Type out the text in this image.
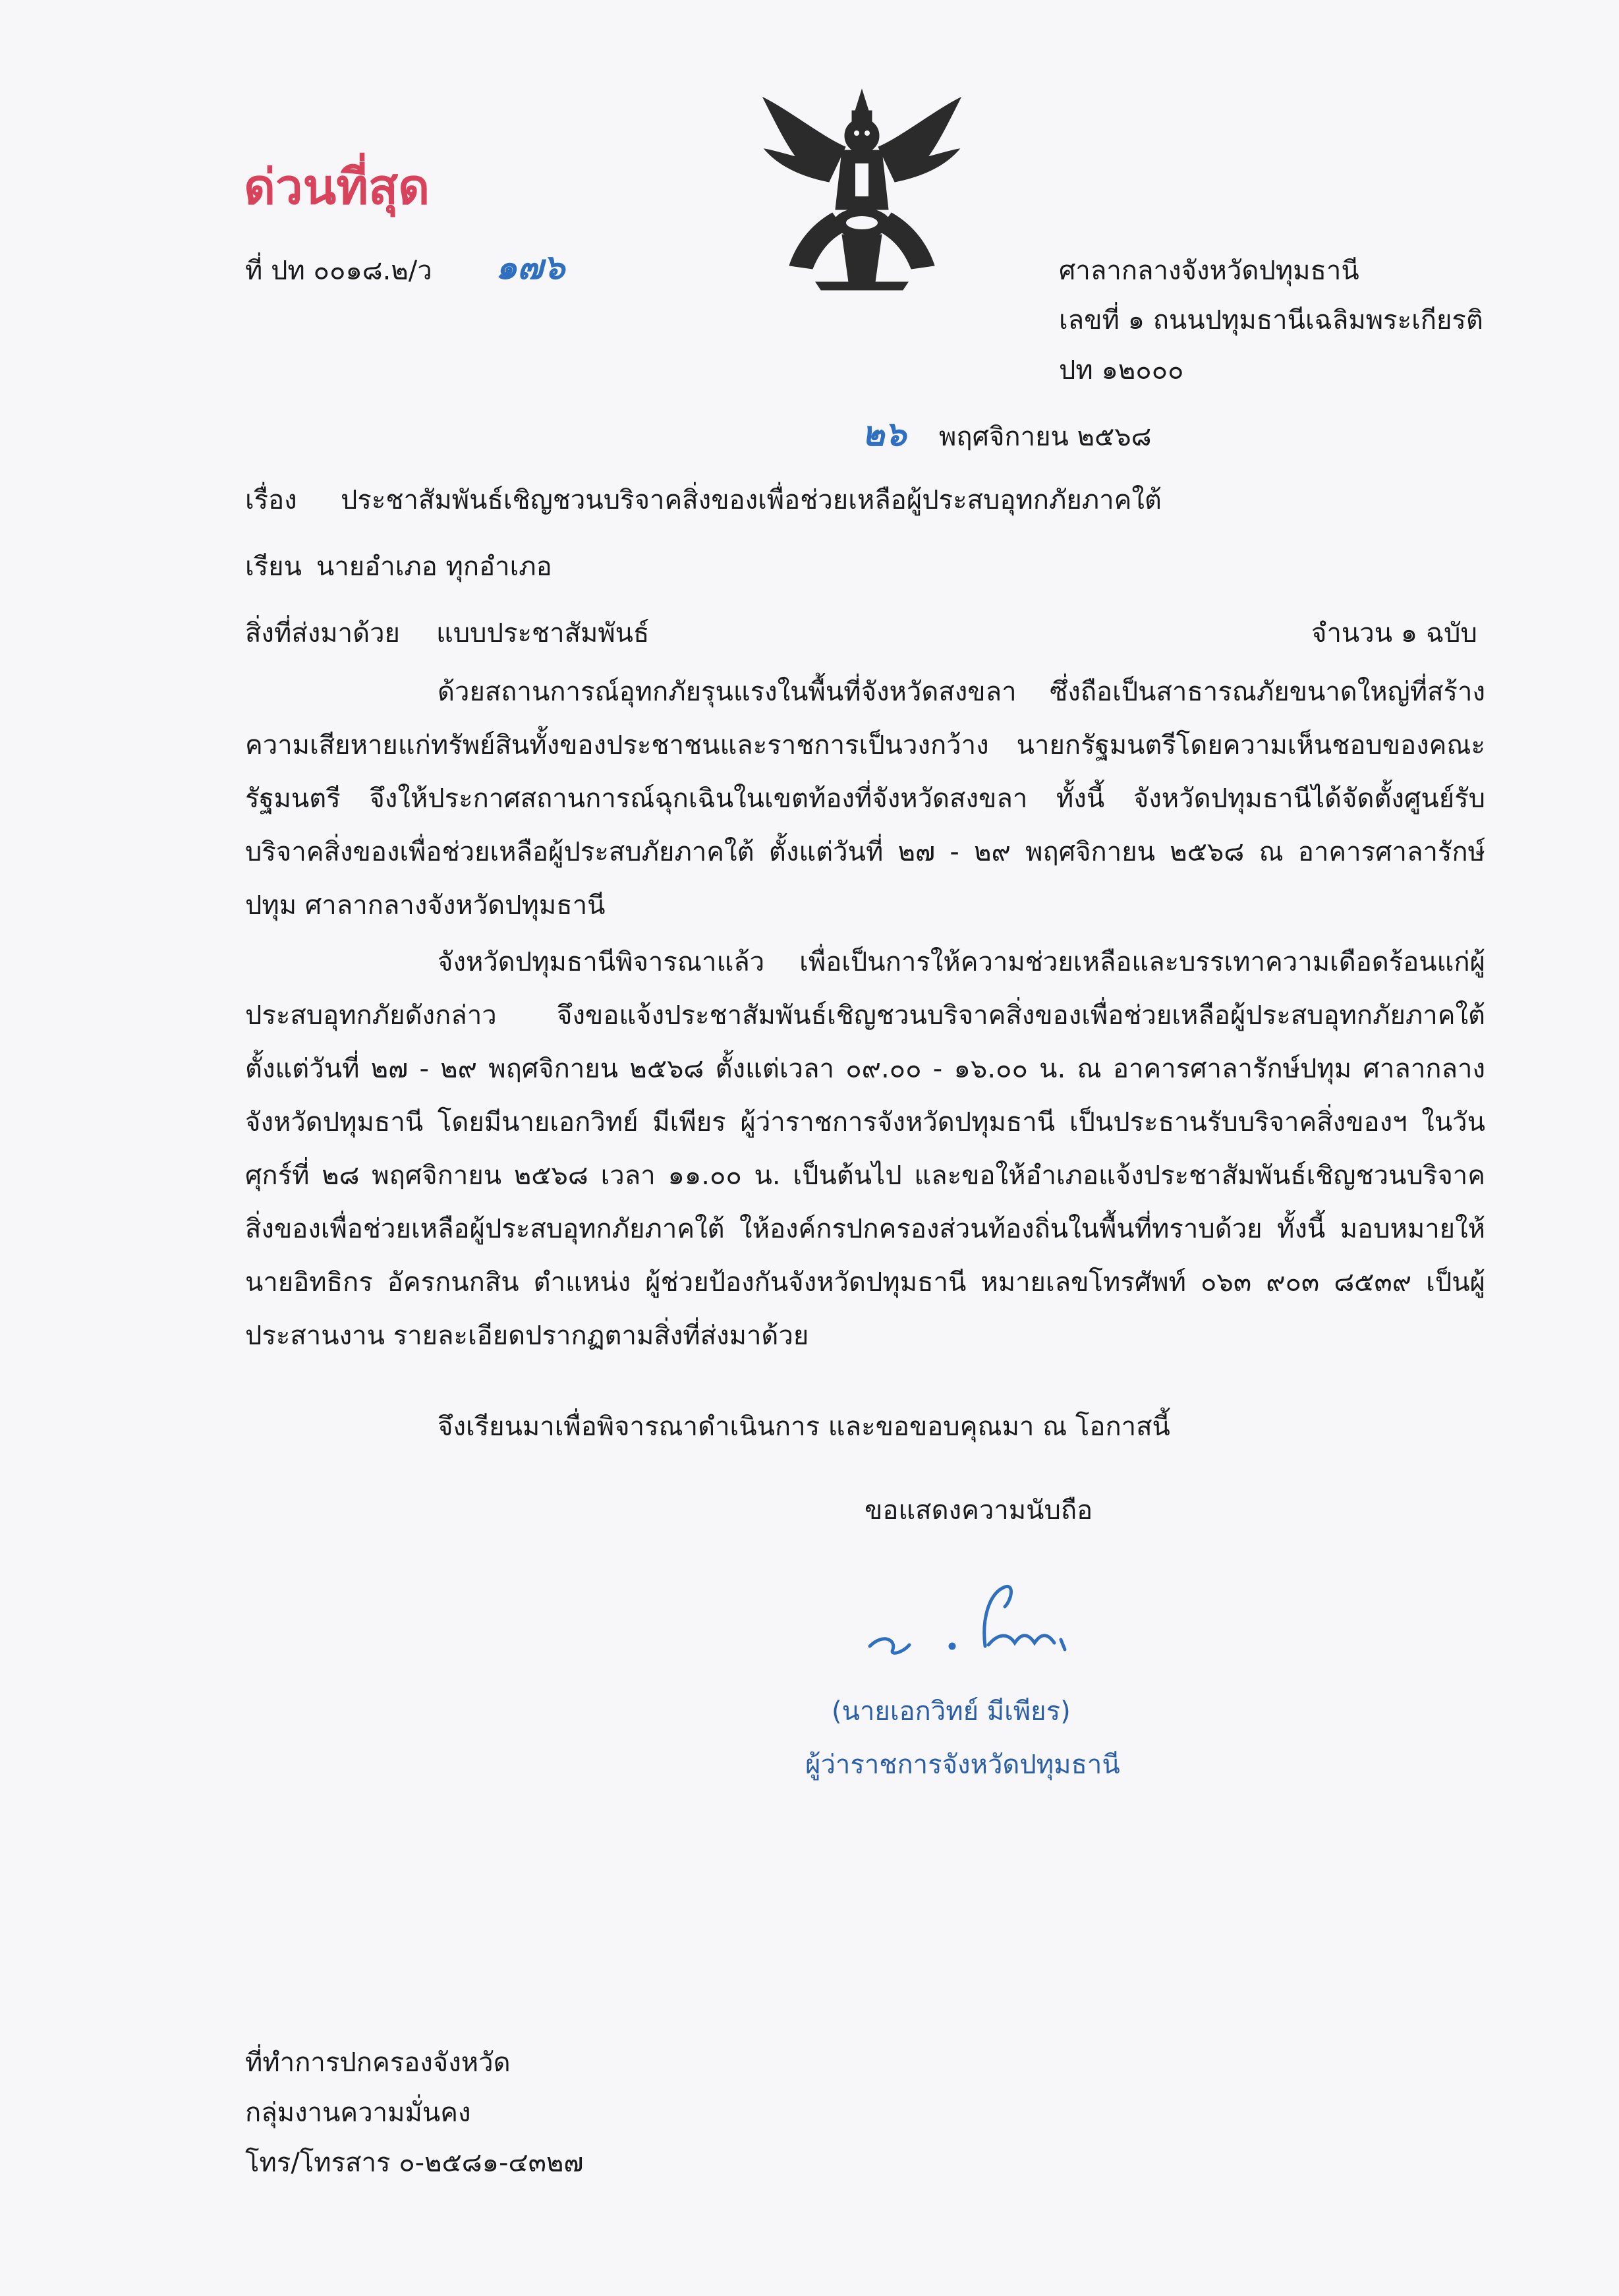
ด่วนที่สุด
ที่ ปท ๐๐๑๘.๒/ว ๑๗๖	ศาลากลางจังหวัดปทุมธานี
เลขที่ ๑ ถนนปทุมธานีเฉลิมพระเกียรติ
ปท ๑๒๐๐๐
๒๖ พฤศจิกายน ๒๕๖๘
เรื่อง ประชาสัมพันธ์เชิญชวนบริจาคสิ่งของเพื่อช่วยเหลือผู้ประสบอุทกภัยภาคใต้
เรียน นายอำเภอ ทุกอำเภอ
สิ่งที่ส่งมาด้วย แบบประชาสัมพันธ์	จำนวน ๑ ฉบับ
ด้วยสถานการณ์อุทกภัยรุนแรงในพื้นที่จังหวัดสงขลา ซึ่งถือเป็นสาธารณภัยขนาดใหญ่ที่สร้างความเสียหายแก่ทรัพย์สินทั้งของประชาชนและราชการเป็นวงกว้าง นายกรัฐมนตรีโดยความเห็นชอบของคณะรัฐมนตรี จึงให้ประกาศสถานการณ์ฉุกเฉินในเขตท้องที่จังหวัดสงขลา ทั้งนี้ จังหวัดปทุมธานีได้จัดตั้งศูนย์รับบริจาคสิ่งของเพื่อช่วยเหลือผู้ประสบภัยภาคใต้ ตั้งแต่วันที่ ๒๗ - ๒๙ พฤศจิกายน ๒๕๖๘ ณ อาคารศาลารักษ์ปทุม ศาลากลางจังหวัดปทุมธานี
จังหวัดปทุมธานีพิจารณาแล้ว เพื่อเป็นการให้ความช่วยเหลือและบรรเทาความเดือดร้อนแก่ผู้ประสบอุทกภัยดังกล่าว จึงขอแจ้งประชาสัมพันธ์เชิญชวนบริจาคสิ่งของเพื่อช่วยเหลือผู้ประสบอุทกภัยภาคใต้ ตั้งแต่วันที่ ๒๗ - ๒๙ พฤศจิกายน ๒๕๖๘ ตั้งแต่เวลา ๐๙.๐๐ - ๑๖.๐๐ น. ณ อาคารศาลารักษ์ปทุม ศาลากลางจังหวัดปทุมธานี โดยมีนายเอกวิทย์ มีเพียร ผู้ว่าราชการจังหวัดปทุมธานี เป็นประธานรับบริจาคสิ่งของฯ ในวันศุกร์ที่ ๒๘ พฤศจิกายน ๒๕๖๘ เวลา ๑๑.๐๐ น. เป็นต้นไป และขอให้อำเภอแจ้งประชาสัมพันธ์เชิญชวนบริจาคสิ่งของเพื่อช่วยเหลือผู้ประสบอุทกภัยภาคใต้ ให้องค์กรปกครองส่วนท้องถิ่นในพื้นที่ทราบด้วย ทั้งนี้ มอบหมายให้นายอิทธิกร อัครกนกสิน ตำแหน่ง ผู้ช่วยป้องกันจังหวัดปทุมธานี หมายเลขโทรศัพท์ ๐๖๓ ๙๐๓ ๘๕๓๙ เป็นผู้ประสานงาน รายละเอียดปรากฏตามสิ่งที่ส่งมาด้วย
จึงเรียนมาเพื่อพิจารณาดำเนินการ และขอขอบคุณมา ณ โอกาสนี้
ขอแสดงความนับถือ
(นายเอกวิทย์ มีเพียร)
ผู้ว่าราชการจังหวัดปทุมธานี
ที่ทำการปกครองจังหวัด
กลุ่มงานความมั่นคง
โทร/โทรสาร ๐-๒๕๘๑-๔๓๒๗
